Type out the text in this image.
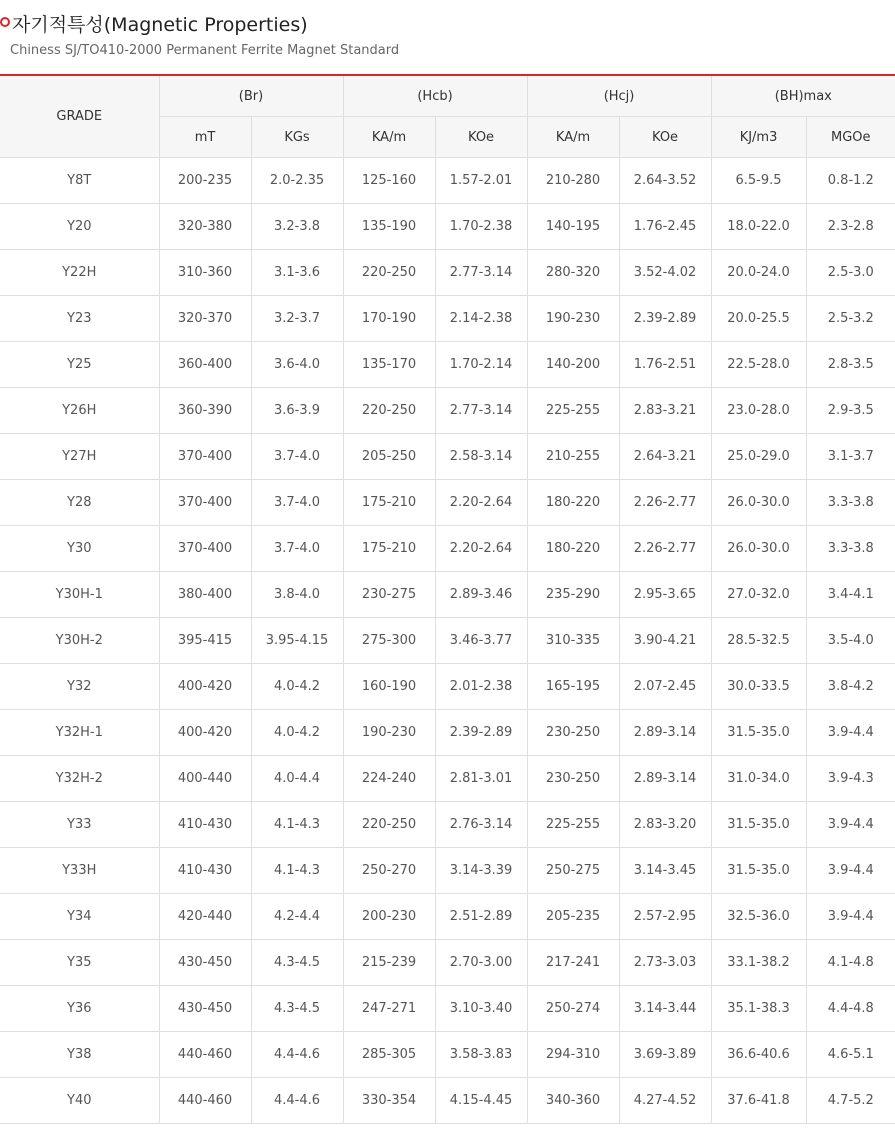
자기적특성(Magnetic Properties)
Chiness SJ/TO410-2000 Permanent Ferrite Magnet Standard
GRADE	(Br)		(Hcb)		(Hcj)		(BH)max	
	mT	KGs	KA/m	KOe	KA/m	KOe	KJ/m3	MGOe
Y8T	200-235	2.0-2.35	125-160	1.57-2.01	210-280	2.64-3.52	6.5-9.5	0.8-1.2
Y20	320-380	3.2-3.8	135-190	1.70-2.38	140-195	1.76-2.45	18.0-22.0	2.3-2.8
Y22H	310-360	3.1-3.6	220-250	2.77-3.14	280-320	3.52-4.02	20.0-24.0	2.5-3.0
Y23	320-370	3.2-3.7	170-190	2.14-2.38	190-230	2.39-2.89	20.0-25.5	2.5-3.2
Y25	360-400	3.6-4.0	135-170	1.70-2.14	140-200	1.76-2.51	22.5-28.0	2.8-3.5
Y26H	360-390	3.6-3.9	220-250	2.77-3.14	225-255	2.83-3.21	23.0-28.0	2.9-3.5
Y27H	370-400	3.7-4.0	205-250	2.58-3.14	210-255	2.64-3.21	25.0-29.0	3.1-3.7
Y28	370-400	3.7-4.0	175-210	2.20-2.64	180-220	2.26-2.77	26.0-30.0	3.3-3.8
Y30	370-400	3.7-4.0	175-210	2.20-2.64	180-220	2.26-2.77	26.0-30.0	3.3-3.8
Y30H-1	380-400	3.8-4.0	230-275	2.89-3.46	235-290	2.95-3.65	27.0-32.0	3.4-4.1
Y30H-2	395-415	3.95-4.15	275-300	3.46-3.77	310-335	3.90-4.21	28.5-32.5	3.5-4.0
Y32	400-420	4.0-4.2	160-190	2.01-2.38	165-195	2.07-2.45	30.0-33.5	3.8-4.2
Y32H-1	400-420	4.0-4.2	190-230	2.39-2.89	230-250	2.89-3.14	31.5-35.0	3.9-4.4
Y32H-2	400-440	4.0-4.4	224-240	2.81-3.01	230-250	2.89-3.14	31.0-34.0	3.9-4.3
Y33	410-430	4.1-4.3	220-250	2.76-3.14	225-255	2.83-3.20	31.5-35.0	3.9-4.4
Y33H	410-430	4.1-4.3	250-270	3.14-3.39	250-275	3.14-3.45	31.5-35.0	3.9-4.4
Y34	420-440	4.2-4.4	200-230	2.51-2.89	205-235	2.57-2.95	32.5-36.0	3.9-4.4
Y35	430-450	4.3-4.5	215-239	2.70-3.00	217-241	2.73-3.03	33.1-38.2	4.1-4.8
Y36	430-450	4.3-4.5	247-271	3.10-3.40	250-274	3.14-3.44	35.1-38.3	4.4-4.8
Y38	440-460	4.4-4.6	285-305	3.58-3.83	294-310	3.69-3.89	36.6-40.6	4.6-5.1
Y40	440-460	4.4-4.6	330-354	4.15-4.45	340-360	4.27-4.52	37.6-41.8	4.7-5.2
